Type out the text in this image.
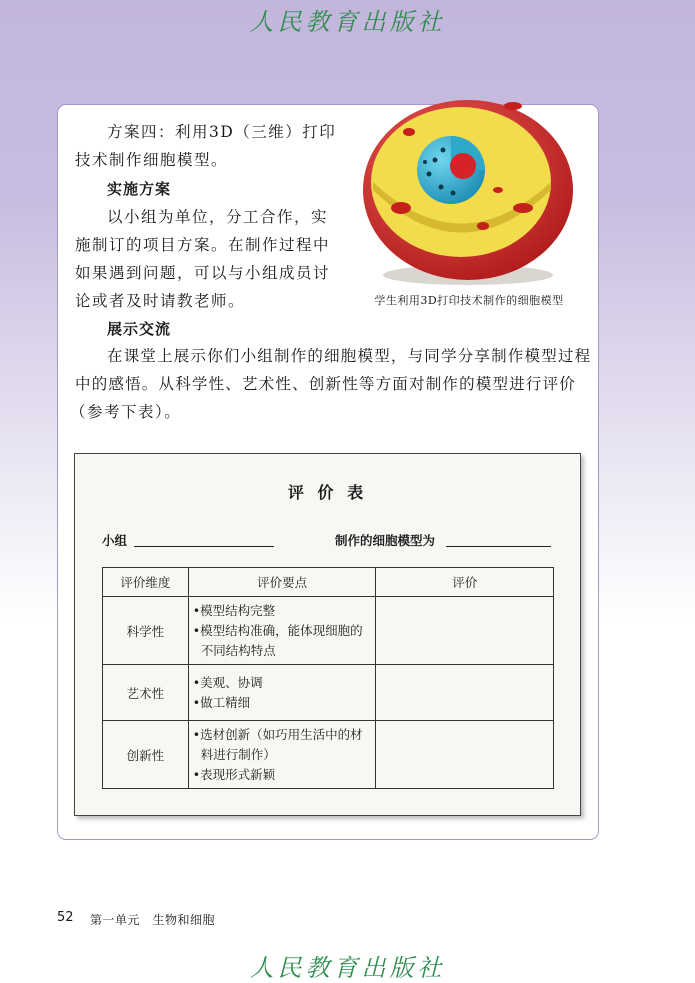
人民教育出版社
方案四：利用3D（三维）打印
技术制作细胞模型。
实施方案
以小组为单位，分工合作，实
施制订的项目方案。在制作过程中
如果遇到问题，可以与小组成员讨
论或者及时请教老师。	学生利用3D打印技术制作的细胞模型
展示交流
在课堂上展示你们小组制作的细胞模型，与同学分享制作模型过程
中的感悟。从科学性、艺术性、创新性等方面对制作的模型进行评价
（参考下表）。
评 价 表
小组	制作的细胞模型为
评价维度	评价要点	评价
科学性	•模型结构完整
•模型结构准确，能体现细胞的不同结构特点	

艺术性	•美观、协调
•做工精细	

创新性	•选材创新（如巧用生活中的材料进行制作）
•表现形式新颖	

52 第一单元　生物和细胞
人民教育出版社
